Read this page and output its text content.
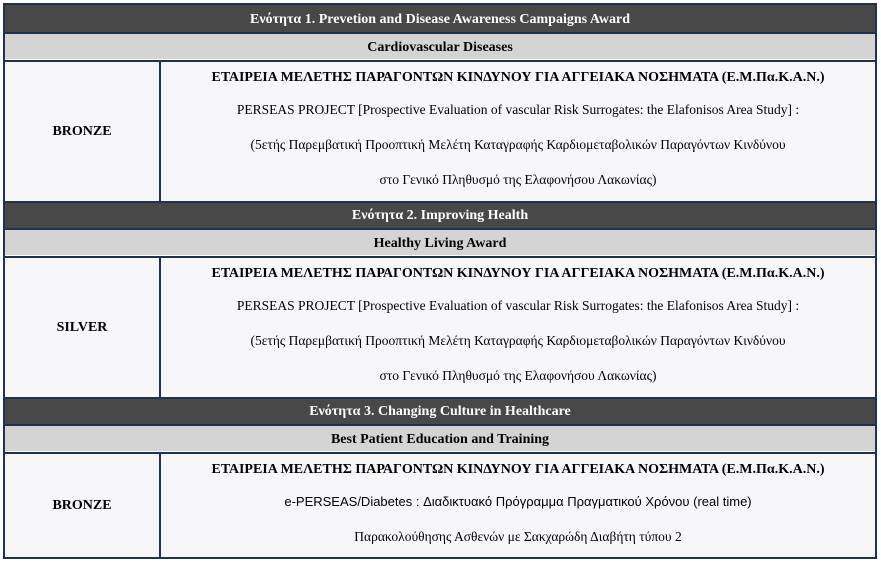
Ενότητα 1. Prevetion and Disease Awareness Campaigns Award
Cardiovascular Diseases
BRONZE
ΕΤΑΙΡΕΙΑ ΜΕΛΕΤΗΣ ΠΑΡΑΓΟΝΤΩΝ ΚΙΝΔΥΝΟΥ ΓΙΑ ΑΓΓΕΙΑΚΑ ΝΟΣΗΜΑΤΑ (Ε.Μ.Πα.Κ.Α.Ν.)
PERSEAS PROJECT [Prospective Evaluation of vascular Risk Surrogates: the Elafonisos Area Study] :
(5ετής Παρεμβατική Προοπτική Μελέτη Καταγραφής Καρδιομεταβολικών Παραγόντων Κινδύνου
στο Γενικό Πληθυσμό της Ελαφονήσου Λακωνίας)
Ενότητα 2. Improving Health
Healthy Living Award
SILVER
ΕΤΑΙΡΕΙΑ ΜΕΛΕΤΗΣ ΠΑΡΑΓΟΝΤΩΝ ΚΙΝΔΥΝΟΥ ΓΙΑ ΑΓΓΕΙΑΚΑ ΝΟΣΗΜΑΤΑ (Ε.Μ.Πα.Κ.Α.Ν.)
PERSEAS PROJECT [Prospective Evaluation of vascular Risk Surrogates: the Elafonisos Area Study] :
(5ετής Παρεμβατική Προοπτική Μελέτη Καταγραφής Καρδιομεταβολικών Παραγόντων Κινδύνου
στο Γενικό Πληθυσμό της Ελαφονήσου Λακωνίας)
Ενότητα 3. Changing Culture in Healthcare
Best Patient Education and Training
BRONZE
ΕΤΑΙΡΕΙΑ ΜΕΛΕΤΗΣ ΠΑΡΑΓΟΝΤΩΝ ΚΙΝΔΥΝΟΥ ΓΙΑ ΑΓΓΕΙΑΚΑ ΝΟΣΗΜΑΤΑ (Ε.Μ.Πα.Κ.Α.Ν.)
e-PERSEAS/Diabetes : Διαδικτυακό Πρόγραμμα Πραγματικού Χρόνου (real time)
Παρακολούθησης Ασθενών με Σακχαρώδη Διαβήτη τύπου 2
